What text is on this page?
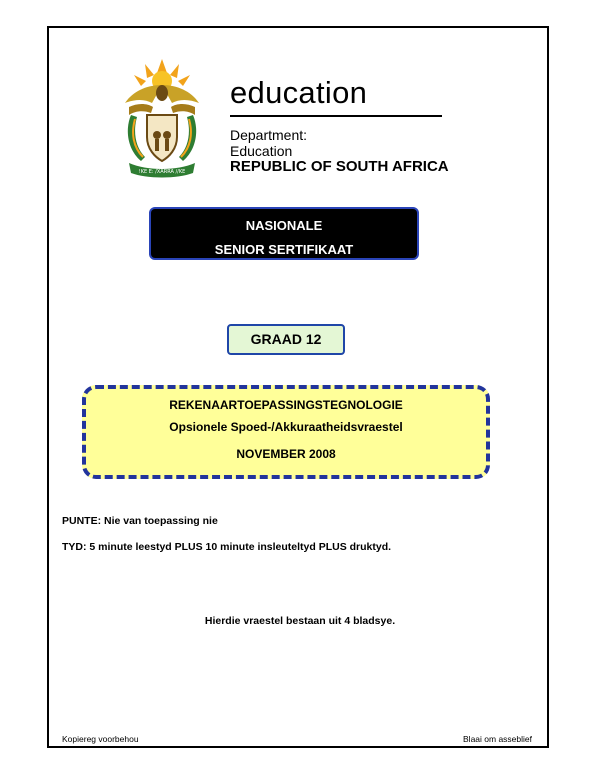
!KE E: /XARRA //KE
education
Department:
Education
REPUBLIC OF SOUTH AFRICA
NASIONALE
SENIOR SERTIFIKAAT
GRAAD 12
REKENAARTOEPASSINGSTEGNOLOGIE
Opsionele Spoed-/Akkuraatheidsvraestel
NOVEMBER 2008
PUNTE: Nie van toepassing nie
TYD: 5 minute leestyd PLUS 10 minute insleuteltyd PLUS druktyd.
Hierdie vraestel bestaan uit 4 bladsye.
Kopiereg voorbehou	Blaai om asseblief
